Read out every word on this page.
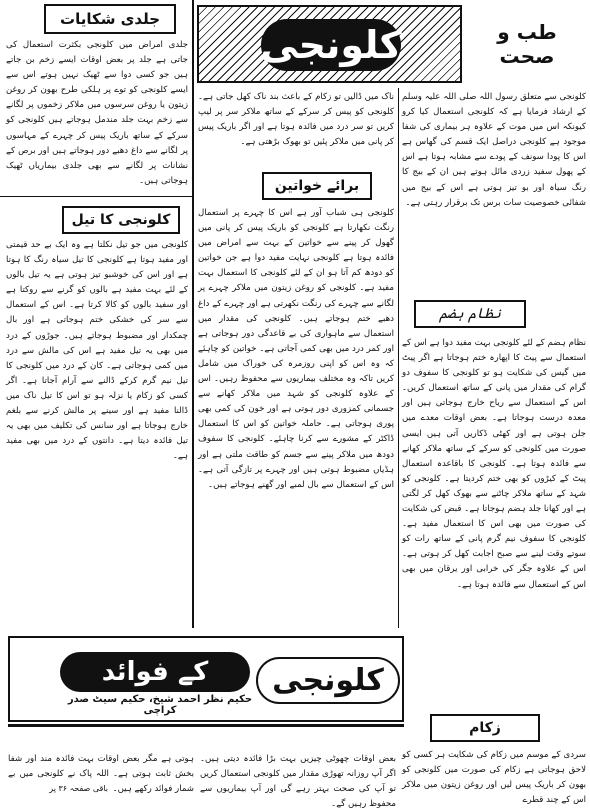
کلونجی	طب و صحت
جلدی شکایات
جلدی امراض میں کلونجی بکثرت استعمال کی جاتی ہے جلد پر بعض اوقات ایسے زخم بن جاتے ہیں جو کسی دوا سے ٹھیک نہیں ہوتے اس سے ایسے کلونجی کو توے پر ہلکی طرح بھون کر روغن زیتون یا روغن سرسوں میں ملاکر زخموں پر لگانے سے زخم بہت جلد مندمل ہوجاتے ہیں کلونجی کو سرکے کے ساتھ باریک پیس کر چہرے کے مہاسوں پر لگانے سے داغ دھبے دور ہوجاتے ہیں اور برص کے نشانات پر لگانے سے بھی جلدی بیماریاں ٹھیک ہوجاتی ہیں۔
کلونجی کا تیل
کلونجی میں جو تیل نکلتا ہے وہ ایک بے حد قیمتی اور مفید ہوتا ہے کلونجی کا تیل سیاہ رنگ کا ہوتا ہے اور اس کی خوشبو تیز ہوتی ہے یہ تیل بالوں کے لئے بہت مفید ہے بالوں کو گرنے سے روکتا ہے اور سفید بالوں کو کالا کرتا ہے۔ اس کے استعمال سے سر کی خشکی ختم ہوجاتی ہے اور بال چمکدار اور مضبوط ہوجاتے ہیں۔ جوڑوں کے درد میں بھی یہ تیل مفید ہے اس کی مالش سے درد میں کمی ہوجاتی ہے۔ کان کے درد میں کلونجی کا تیل نیم گرم کرکے ڈالنے سے آرام آجاتا ہے۔ اگر کسی کو زکام یا نزلہ ہو تو اس کا تیل ناک میں ڈالنا مفید ہے اور سینے پر مالش کرنے سے بلغم خارج ہوجاتا ہے اور سانس کی تکلیف میں بھی یہ تیل فائدہ دیتا ہے۔ دانتوں کے درد میں بھی مفید ہے۔
ناک میں ڈالیں تو زکام کے باعث بند ناک کھل جاتی ہے۔ کلونجی کو پیس کر سرکے کے ساتھ ملاکر سر پر لیپ کریں تو سر درد میں فائدہ ہوتا ہے اور اگر باریک پیس کر پانی میں ملاکر پئیں تو بھوک بڑھتی ہے۔
برائے خواتین
کلونجی ہی شباب آور ہے اس کا چہرے پر استعمال رنگت نکھارتا ہے کلونجی کو باریک پیس کر پانی میں گھول کر پینے سے خواتین کے بہت سے امراض میں فائدہ ہوتا ہے کلونجی نہایت مفید دوا ہے جن خواتین کو دودھ کم آتا ہو ان کے لئے کلونجی کا استعمال بہت مفید ہے۔ کلونجی کو روغن زیتون میں ملاکر چہرے پر لگانے سے چہرے کی رنگت نکھرتی ہے اور چہرے کے داغ دھبے ختم ہوجاتے ہیں۔ کلونجی کی مقدار میں استعمال سے ماہواری کی بے قاعدگی دور ہوجاتی ہے اور کمر درد میں بھی کمی آجاتی ہے۔ خواتین کو چاہئے کہ وہ اس کو اپنی روزمرہ کی خوراک میں شامل کریں تاکہ وہ مختلف بیماریوں سے محفوظ رہیں۔ اس کے علاوہ کلونجی کو شہد میں ملاکر کھانے سے جسمانی کمزوری دور ہوتی ہے اور خون کی کمی بھی پوری ہوجاتی ہے۔ حاملہ خواتین کو اس کا استعمال ڈاکٹر کے مشورے سے کرنا چاہئے۔ کلونجی کا سفوف دودھ میں ملاکر پینے سے جسم کو طاقت ملتی ہے اور ہڈیاں مضبوط ہوتی ہیں اور چہرے پر تازگی آتی ہے۔ اس کے استعمال سے بال لمبے اور گھنے ہوجاتے ہیں۔
کلونجی سے متعلق رسول اللہ صلی اللہ علیہ وسلم کے ارشاد فرمایا ہے کہ کلونجی استعمال کیا کرو کیونکہ اس میں موت کے علاوہ ہر بیماری کی شفا موجود ہے کلونجی دراصل ایک قسم کی گھاس ہے اس کا پودا سونف کے پودے سے مشابہ ہوتا ہے اس کے پھول سفید زردی مائل ہوتے ہیں ان کے بیج کا رنگ سیاہ اور بو تیز ہوتی ہے اس کے بیج میں شفائی خصوصیت سات برس تک برقرار رہتی ہے۔
نظام ہضم
نظام ہضم کے لئے کلونجی بہت مفید دوا ہے اس کے استعمال سے پیٹ کا اپھارہ ختم ہوجاتا ہے اگر پیٹ میں گیس کی شکایت ہو تو کلونجی کا سفوف دو گرام کی مقدار میں پانی کے ساتھ استعمال کریں۔ اس کے استعمال سے ریاح خارج ہوجاتی ہیں اور معدہ درست ہوجاتا ہے۔ بعض اوقات معدے میں جلن ہوتی ہے اور کھٹی ڈکاریں آتی ہیں ایسی صورت میں کلونجی کو سرکے کے ساتھ ملاکر کھانے سے فائدہ ہوتا ہے۔ کلونجی کا باقاعدہ استعمال پیٹ کے کیڑوں کو بھی ختم کردیتا ہے۔ کلونجی کو شہد کے ساتھ ملاکر چاٹنے سے بھوک کھل کر لگتی ہے اور کھانا جلد ہضم ہوجاتا ہے۔ قبض کی شکایت کی صورت میں بھی اس کا استعمال مفید ہے۔ کلونجی کا سفوف نیم گرم پانی کے ساتھ رات کو سوتے وقت لینے سے صبح اجابت کھل کر ہوتی ہے۔ اس کے علاوہ جگر کی خرابی اور یرقان میں بھی اس کے استعمال سے فائدہ ہوتا ہے۔
کے فوائد	کلونجی
حکیم نظر احمد شیخ، حکیم سیٹ صدر کراچی
زکام
سردی کے موسم میں زکام کی شکایت ہر کسی کو لاحق ہوجاتی ہے زکام کی صورت میں کلونجی کو بھون کر باریک پیس لیں اور روغن زیتون میں ملاکر اس کے چند قطرے
بعض اوقات چھوٹی چیزیں بہت بڑا فائدہ دیتی ہیں۔ اگر آپ روزانہ تھوڑی مقدار میں کلونجی استعمال کریں تو آپ کی صحت بہتر رہے گی اور آپ بیماریوں سے محفوظ رہیں گے۔
ہوتی ہے مگر بعض اوقات بہت فائدہ مند اور شفا بخش ثابت ہوتی ہے۔ اللہ پاک نے کلونجی میں بے شمار فوائد رکھے ہیں۔
باقی صفحہ ۳۶ پر
